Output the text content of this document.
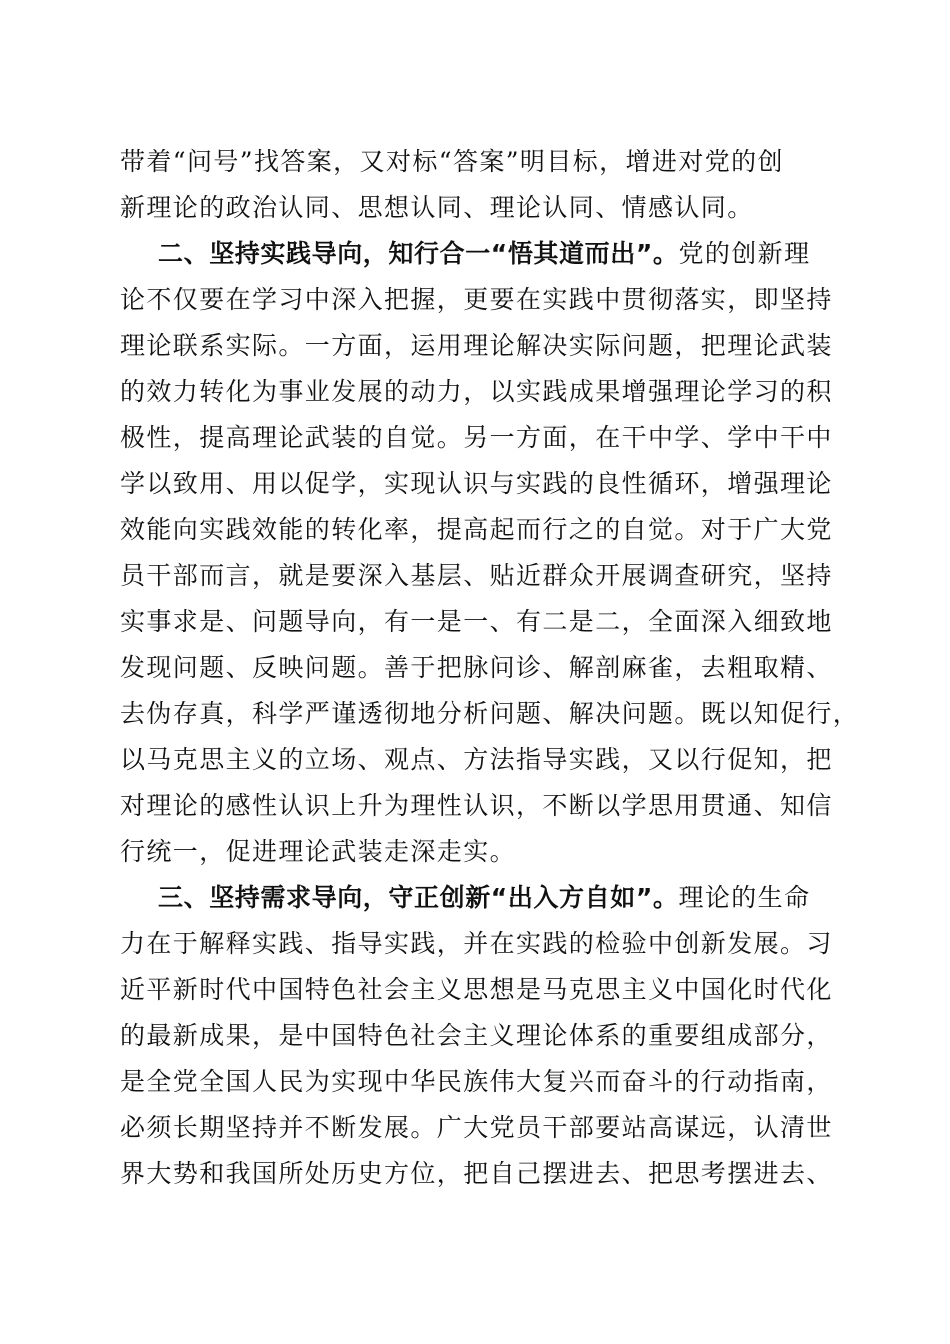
带着“问号”找答案，又对标“答案”明目标，增进对党的创
新理论的政治认同、思想认同、理论认同、情感认同。
二、坚持实践导向，知行合一“悟其道而出”。党的创新理
论不仅要在学习中深入把握，更要在实践中贯彻落实，即坚持
理论联系实际。一方面，运用理论解决实际问题，把理论武装
的效力转化为事业发展的动力，以实践成果增强理论学习的积
极性，提高理论武装的自觉。另一方面，在干中学、学中干中
学以致用、用以促学，实现认识与实践的良性循环，增强理论
效能向实践效能的转化率，提高起而行之的自觉。对于广大党
员干部而言，就是要深入基层、贴近群众开展调查研究，坚持
实事求是、问题导向，有一是一、有二是二，全面深入细致地
发现问题、反映问题。善于把脉问诊、解剖麻雀，去粗取精、
去伪存真，科学严谨透彻地分析问题、解决问题。既以知促行，
以马克思主义的立场、观点、方法指导实践，又以行促知，把
对理论的感性认识上升为理性认识，不断以学思用贯通、知信
行统一，促进理论武装走深走实。
三、坚持需求导向，守正创新“出入方自如”。理论的生命
力在于解释实践、指导实践，并在实践的检验中创新发展。习
近平新时代中国特色社会主义思想是马克思主义中国化时代化
的最新成果，是中国特色社会主义理论体系的重要组成部分，
是全党全国人民为实现中华民族伟大复兴而奋斗的行动指南，
必须长期坚持并不断发展。广大党员干部要站高谋远，认清世
界大势和我国所处历史方位，把自己摆进去、把思考摆进去、
